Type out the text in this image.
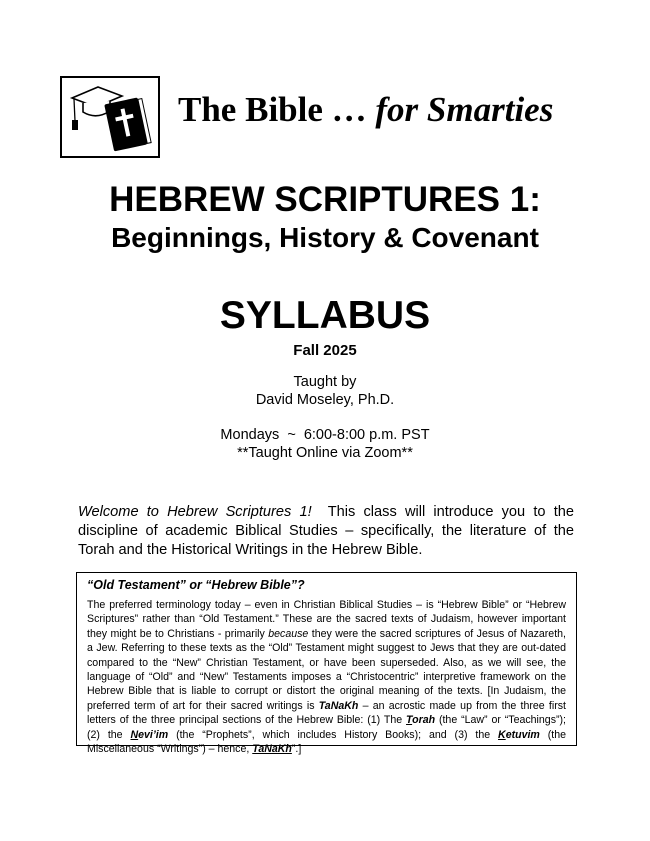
The Bible … for Smarties
HEBREW SCRIPTURES 1:
Beginnings, History & Covenant
SYLLABUS
Fall 2025
Taught by
David Moseley, Ph.D.
Mondays  ~  6:00-8:00 p.m. PST
**Taught Online via Zoom**
Welcome to Hebrew Scriptures 1!  This class will introduce you to the discipline of academic Biblical Studies – specifically, the literature of the Torah and the Historical Writings in the Hebrew Bible.
“Old Testament” or “Hebrew Bible”?
The preferred terminology today – even in Christian Biblical Studies – is “Hebrew Bible” or “Hebrew Scriptures” rather than “Old Testament.” These are the sacred texts of Judaism, however important they might be to Christians - primarily because they were the sacred scriptures of Jesus of Nazareth, a Jew. Referring to these texts as the “Old” Testament might suggest to Jews that they are out-dated compared to the “New” Christian Testament, or have been superseded. Also, as we will see, the language of “Old” and “New” Testaments imposes a “Christocentric” interpretive framework on the Hebrew Bible that is liable to corrupt or distort the original meaning of the texts. [In Judaism, the preferred term of art for their sacred writings is TaNaKh – an acrostic made up from the three first letters of the three principal sections of the Hebrew Bible: (1) The Torah (the “Law” or “Teachings”); (2) the Nevi’im (the “Prophets”, which includes History Books); and (3) the Ketuvim (the Miscellaneous “Writings”) – hence, TaNaKh”.]
